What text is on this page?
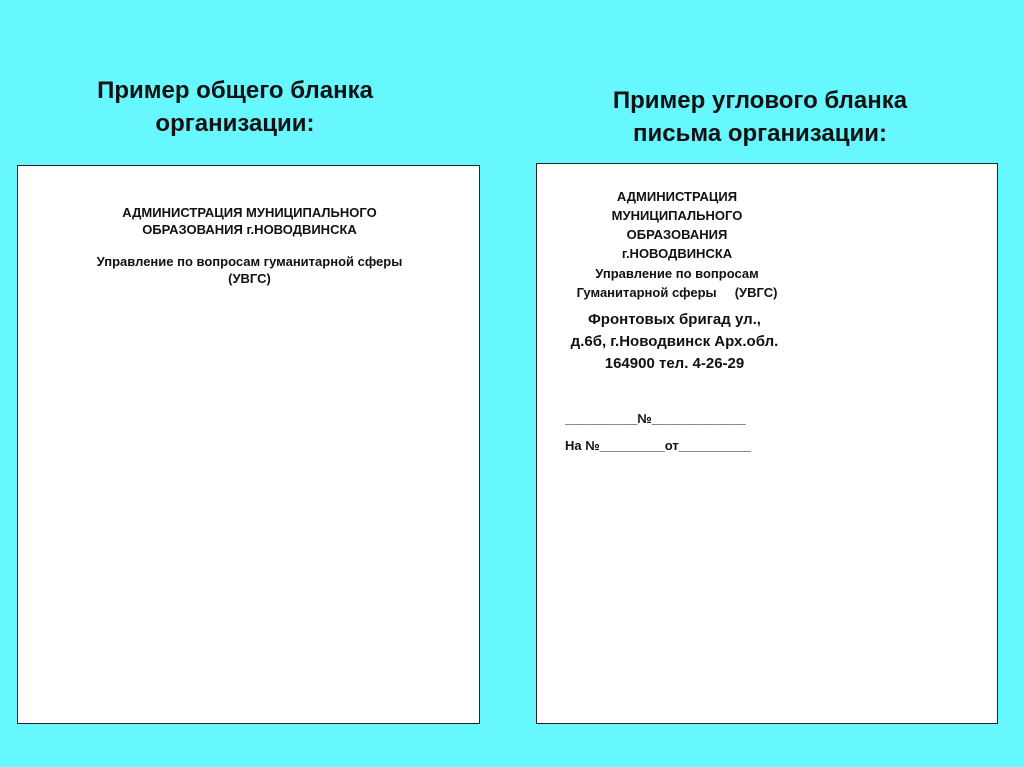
Пример общего бланка
организации:
Пример углового бланка
письма организации:
АДМИНИСТРАЦИЯ МУНИЦИПАЛЬНОГО
ОБРАЗОВАНИЯ г.НОВОДВИНСКА
Управление по вопросам гуманитарной сферы
(УВГС)
АДМИНИСТРАЦИЯ
МУНИЦИПАЛЬНОГО
ОБРАЗОВАНИЯ
г.НОВОДВИНСКА
Управление по вопросам
Гуманитарной сферы     (УВГС)
Фронтовых бригад ул.,
д.6б, г.Новодвинск Арх.обл.
164900 тел. 4-26-29
__________№_____________
На №_________от__________
